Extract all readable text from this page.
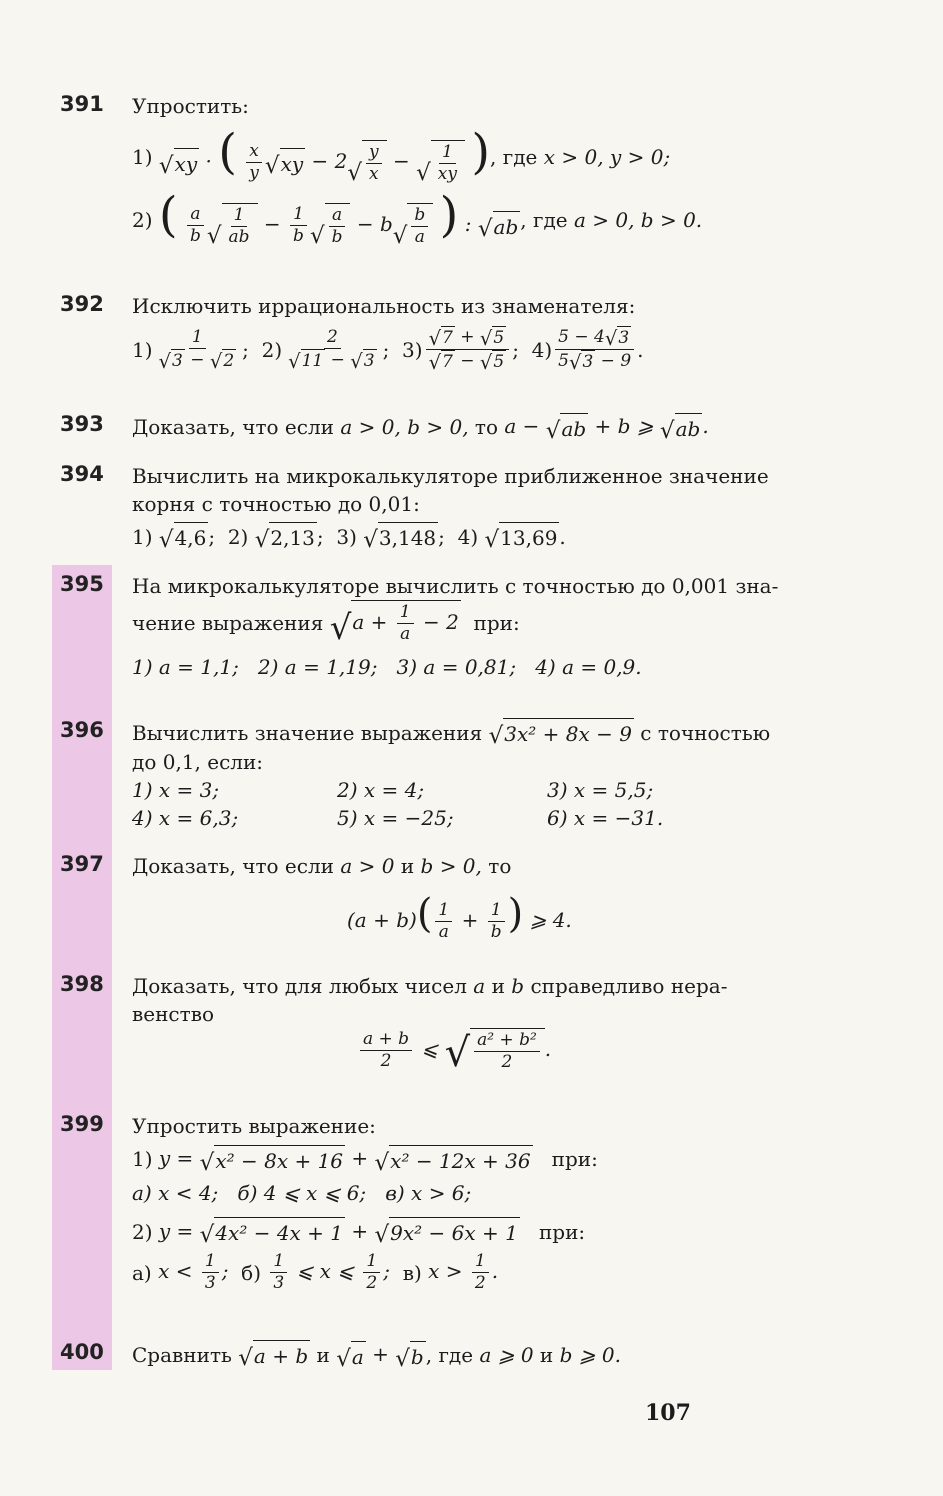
391 Упростить:
1)
√ xy · ( $\frac{x}{y}$ √ xy − 2 √ $\frac{y}{x}$ − √ $\frac{1}{xy}$ ) , где
x > 0,
y > 0;
2)
( $\frac{a}{b}$ √ $\frac{1}{ab} - \frac{1}{b}$ √ $\frac{a}{b} - b$ √ $\frac{b}{a}$ ) : √ ab , где
a > 0,
b > 0.
392 Исключить иррациональность из знаменателя:
$1) \frac{1}{√ 3 - √ 2}$ ; $2) \frac{2}{√ 11 - √ 3}$ ; $3) \frac{√ 7 + √ 5}{√ 7 - √ 5}$ ; $4) \frac{5 - 4 √ 3}{5 √ 3 - 9}$ .
393 Доказать, что если
a > 0,
b > 0,
то
a − √ ab + b ⩾ √ ab .
394 Вычислить на микрокалькуляторе приближенное значение
корня с точностью до 0,01:
1)
√ 4,6 ; 2)
√ 2,13 ; 3)
√ 3,148 ; 4)
√ 13,69 .
395 На микрокалькуляторе вычислить с точностью до 0,001 зна-
чение выражения
√ $a + \frac{1}{a} - 2$
при:
1) a = 1,1; 2) a = 1,19; 3) a = 0,81; 4) a = 0,9.
396 Вычислить значение выражения
√ 3x² + 8x − 9
с точностью
до 0,1, если:
1) x = 3;	2) x = 4;	3) x = 5,5;
4) x = 6,3;	5) x = −25;	6) x = −31.
397 Доказать, что если a > 0 и b > 0, то
$(a + b)( \frac{1}{a} + \frac{1}{b}$ ) ⩾ 4.
398 Доказать, что для любых чисел a и b справедливо нера-
венство
$\frac{a + b}{2}$ ⩽ √ $\frac{\text{a² + b²}}{2}$ .
399 Упростить выражение:
1)
y = √ x² − 8x + 16 + √ x² − 12x + 36
при:
а) x < 4; б) 4 ⩽ x ⩽ 6; в) x > 6;
2)
y = √ 4x² − 4x + 1 + √ 9x² − 6x + 1
при:
а)
$x < \frac{1}{3}$ ;
б)
$\frac{1}{3}$ ⩽ x ⩽ $\frac{1}{2}$ ;
в)
$x > \frac{1}{2}$ .
400 Сравнить
√ a + b
и
√ a + √ b , где
a ⩾ 0
и
b ⩾ 0.
107
